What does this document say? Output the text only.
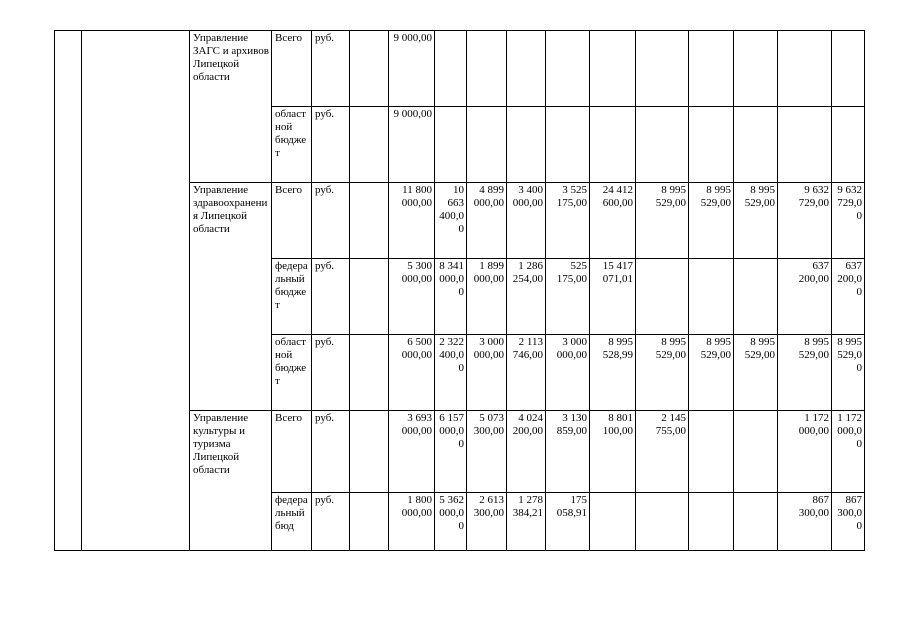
		Управление ЗАГС и архивов Липецкой области	Всего	руб.		9 000,00										
			областной бюджет	руб.		9 000,00										
		Управление здравоохранения Липецкой области	Всего	руб.		11 800 000,00	10 663 400,00	4 899 000,00	3 400 000,00	3 525 175,00	24 412 600,00	8 995 529,00	8 995 529,00	8 995 529,00	9 632 729,00	9 632 729,00
			федеральный бюджет	руб.		5 300 000,00	8 341 000,00	1 899 000,00	1 286 254,00	525 175,00	15 417 071,01				637 200,00	637 200,00
			областной бюджет	руб.		6 500 000,00	2 322 400,00	3 000 000,00	2 113 746,00	3 000 000,00	8 995 528,99	8 995 529,00	8 995 529,00	8 995 529,00	8 995 529,00	8 995 529,00
		Управление культуры и туризма Липецкой области	Всего	руб.		3 693 000,00	6 157 000,00	5 073 300,00	4 024 200,00	3 130 859,00	8 801 100,00	2 145 755,00			1 172 000,00	1 172 000,00
			федеральный бюд	руб.		1 800 000,00	5 362 000,00	2 613 300,00	1 278 384,21	175 058,91					867 300,00	867 300,00
